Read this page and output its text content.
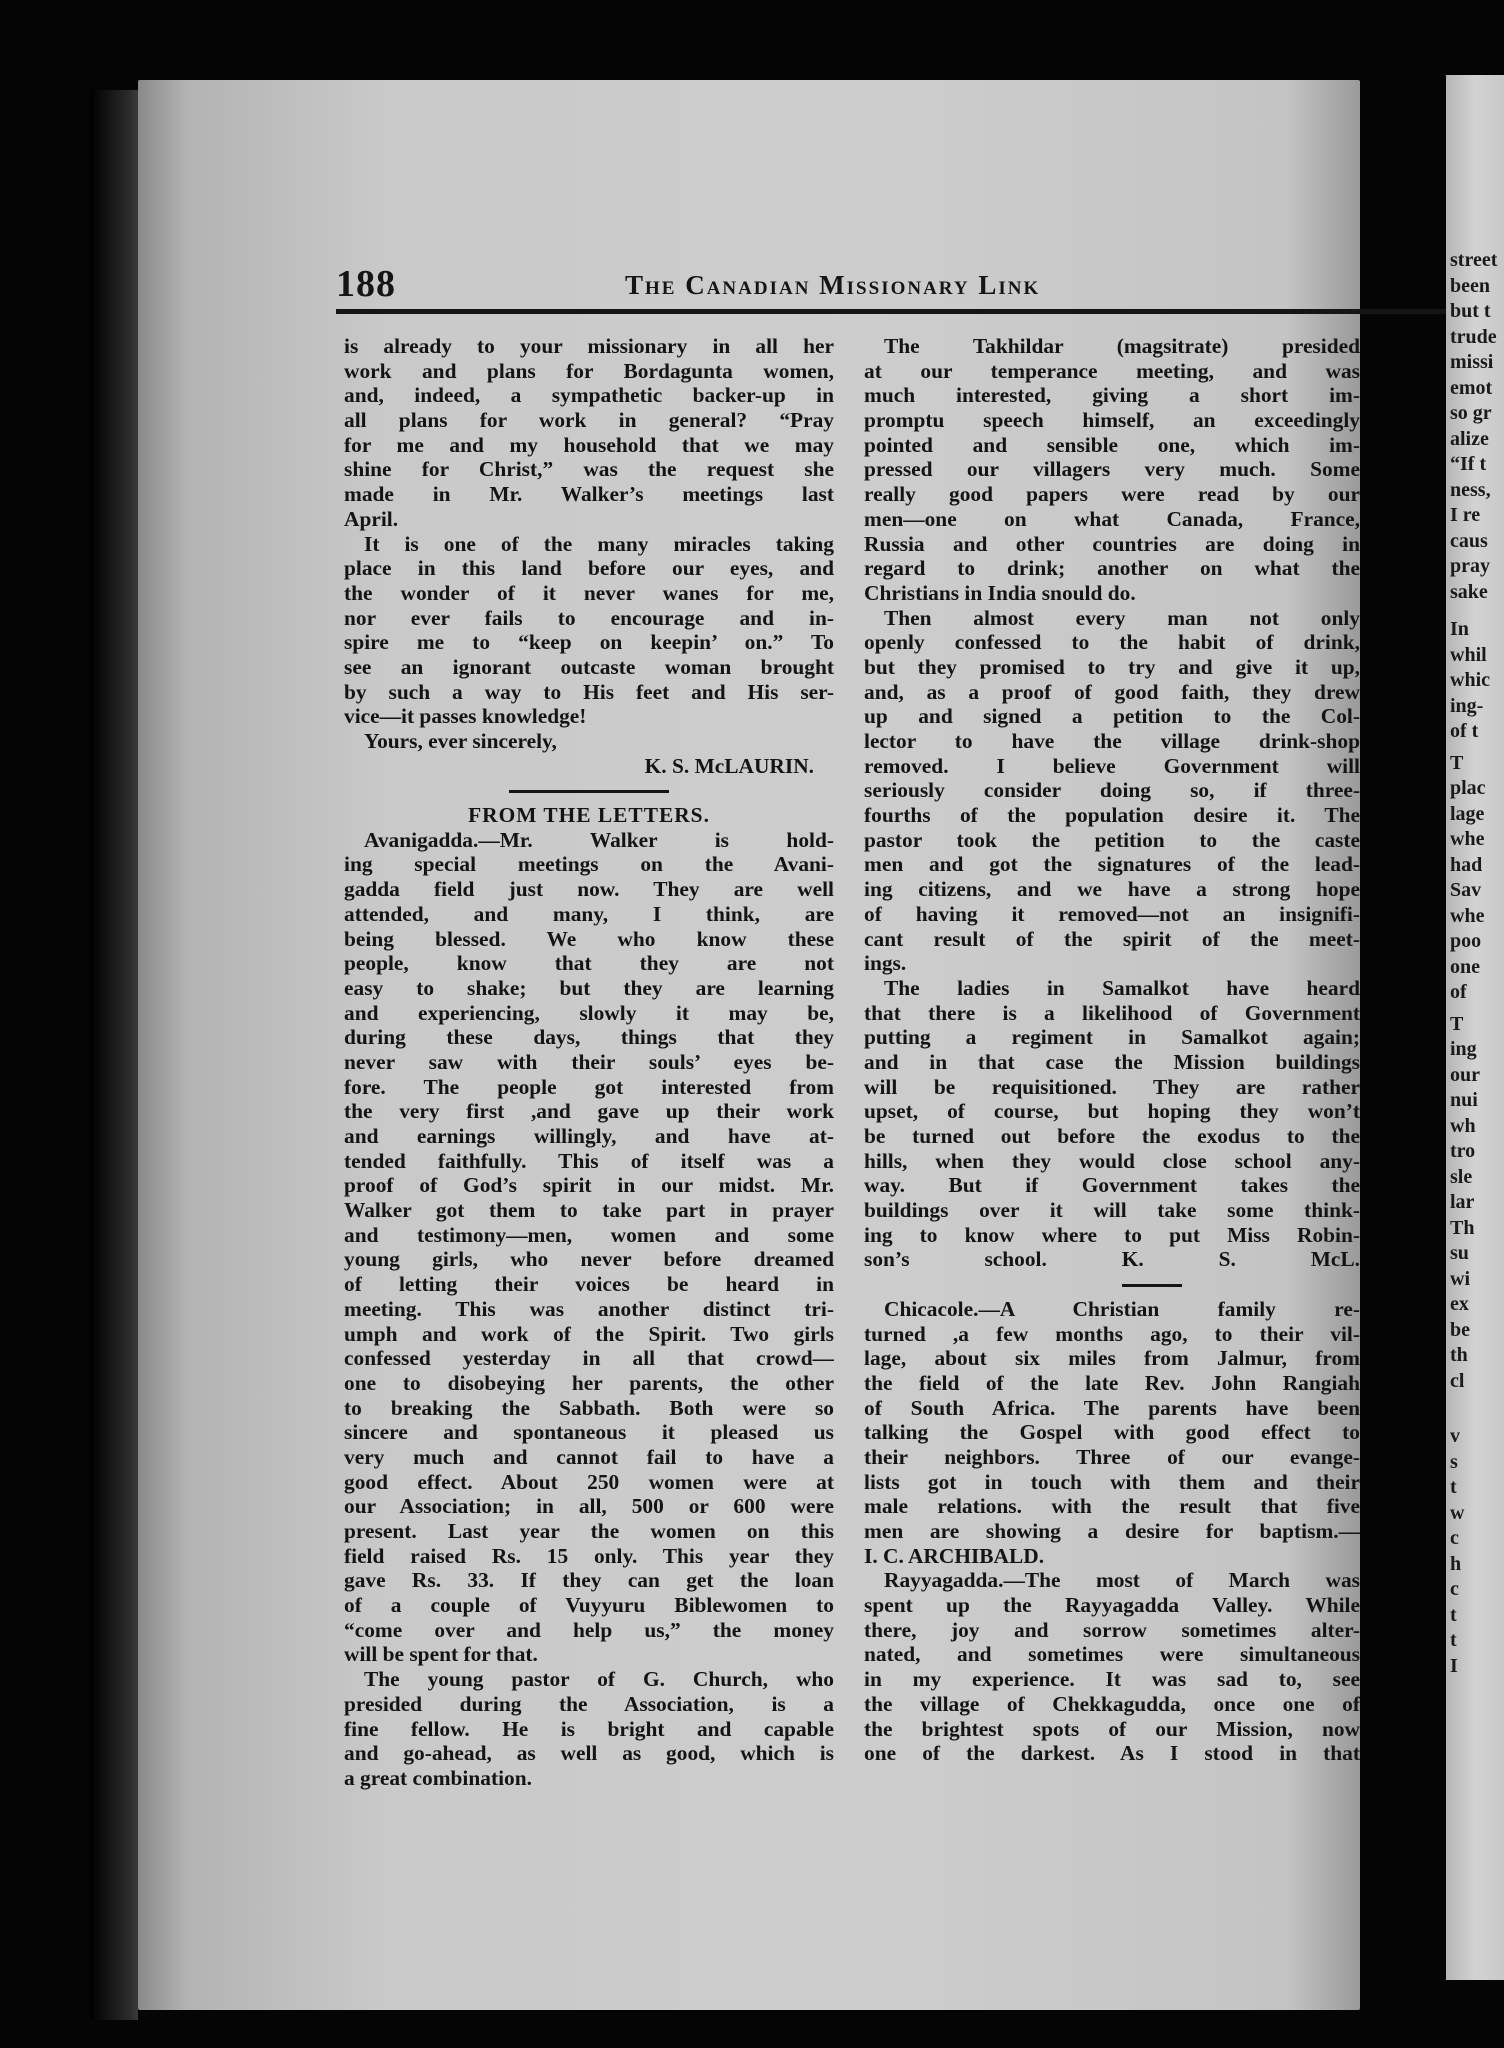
street
been
but t
trude
missi
emot
so gr
alize
“If t
ness,
I re
caus
pray
sake
In
whil
whic
ing-
of t
T
plac
lage
whe
had
Sav
whe
poo
one
of
T
ing
our
nui
wh
tro
sle
lar
Th
su
wi
ex
be
th
cl
v
s
t
w
c
h
c
t
t
I
188	The Canadian Missionary Link
is already to your missionary in all her
work and plans for Bordagunta women,
and, indeed, a sympathetic backer-up in
all plans for work in general? “Pray
for me and my household that we may
shine for Christ,” was the request she
made in Mr. Walker’s meetings last
April.
It is one of the many miracles taking
place in this land before our eyes, and
the wonder of it never wanes for me,
nor ever fails to encourage and in-
spire me to “keep on keepin’ on.” To
see an ignorant outcaste woman brought
by such a way to His feet and His ser-
vice—it passes knowledge!
Yours, ever sincerely,
K. S. McLAURIN.
FROM THE LETTERS.
Avanigadda.—Mr. Walker is hold-
ing special meetings on the Avani-
gadda field just now. They are well
attended, and many, I think, are
being blessed. We who know these
people, know that they are not
easy to shake; but they are learning
and experiencing, slowly it may be,
during these days, things that they
never saw with their souls’ eyes be-
fore. The people got interested from
the very first ,and gave up their work
and earnings willingly, and have at-
tended faithfully. This of itself was a
proof of God’s spirit in our midst. Mr.
Walker got them to take part in prayer
and testimony—men, women and some
young girls, who never before dreamed
of letting their voices be heard in
meeting. This was another distinct tri-
umph and work of the Spirit. Two girls
confessed yesterday in all that crowd—
one to disobeying her parents, the other
to breaking the Sabbath. Both were so
sincere and spontaneous it pleased us
very much and cannot fail to have a
good effect. About 250 women were at
our Association; in all, 500 or 600 were
present. Last year the women on this
field raised Rs. 15 only. This year they
gave Rs. 33. If they can get the loan
of a couple of Vuyyuru Biblewomen to
“come over and help us,” the money
will be spent for that.
The young pastor of G. Church, who
presided during the Association, is a
fine fellow. He is bright and capable
and go-ahead, as well as good, which is
a great combination.
The Takhildar (magsitrate) presided
at our temperance meeting, and was
much interested, giving a short im-
promptu speech himself, an exceedingly
pointed and sensible one, which im-
pressed our villagers very much. Some
really good papers were read by our
men—one on what Canada, France,
Russia and other countries are doing in
regard to drink; another on what the
Christians in India snould do.
Then almost every man not only
openly confessed to the habit of drink,
but they promised to try and give it up,
and, as a proof of good faith, they drew
up and signed a petition to the Col-
lector to have the village drink-shop
removed. I believe Government will
seriously consider doing so, if three-
fourths of the population desire it. The
pastor took the petition to the caste
men and got the signatures of the lead-
ing citizens, and we have a strong hope
of having it removed—not an insignifi-
cant result of the spirit of the meet-
ings.
The ladies in Samalkot have heard
that there is a likelihood of Government
putting a regiment in Samalkot again;
and in that case the Mission buildings
will be requisitioned. They are rather
upset, of course, but hoping they won’t
be turned out before the exodus to the
hills, when they would close school any-
way. But if Government takes the
buildings over it will take some think-
ing to know where to put Miss Robin-
son’s school. K. S. McL.
Chicacole.—A Christian family re-
turned ,a few months ago, to their vil-
lage, about six miles from Jalmur, from
the field of the late Rev. John Rangiah
of South Africa. The parents have been
talking the Gospel with good effect to
their neighbors. Three of our evange-
lists got in touch with them and their
male relations. with the result that five
men are showing a desire for baptism.—
I. C. ARCHIBALD.
Rayyagadda.—The most of March was
spent up the Rayyagadda Valley. While
there, joy and sorrow sometimes alter-
nated, and sometimes were simultaneous
in my experience. It was sad to, see
the village of Chekkagudda, once one of
the brightest spots of our Mission, now
one of the darkest. As I stood in that
